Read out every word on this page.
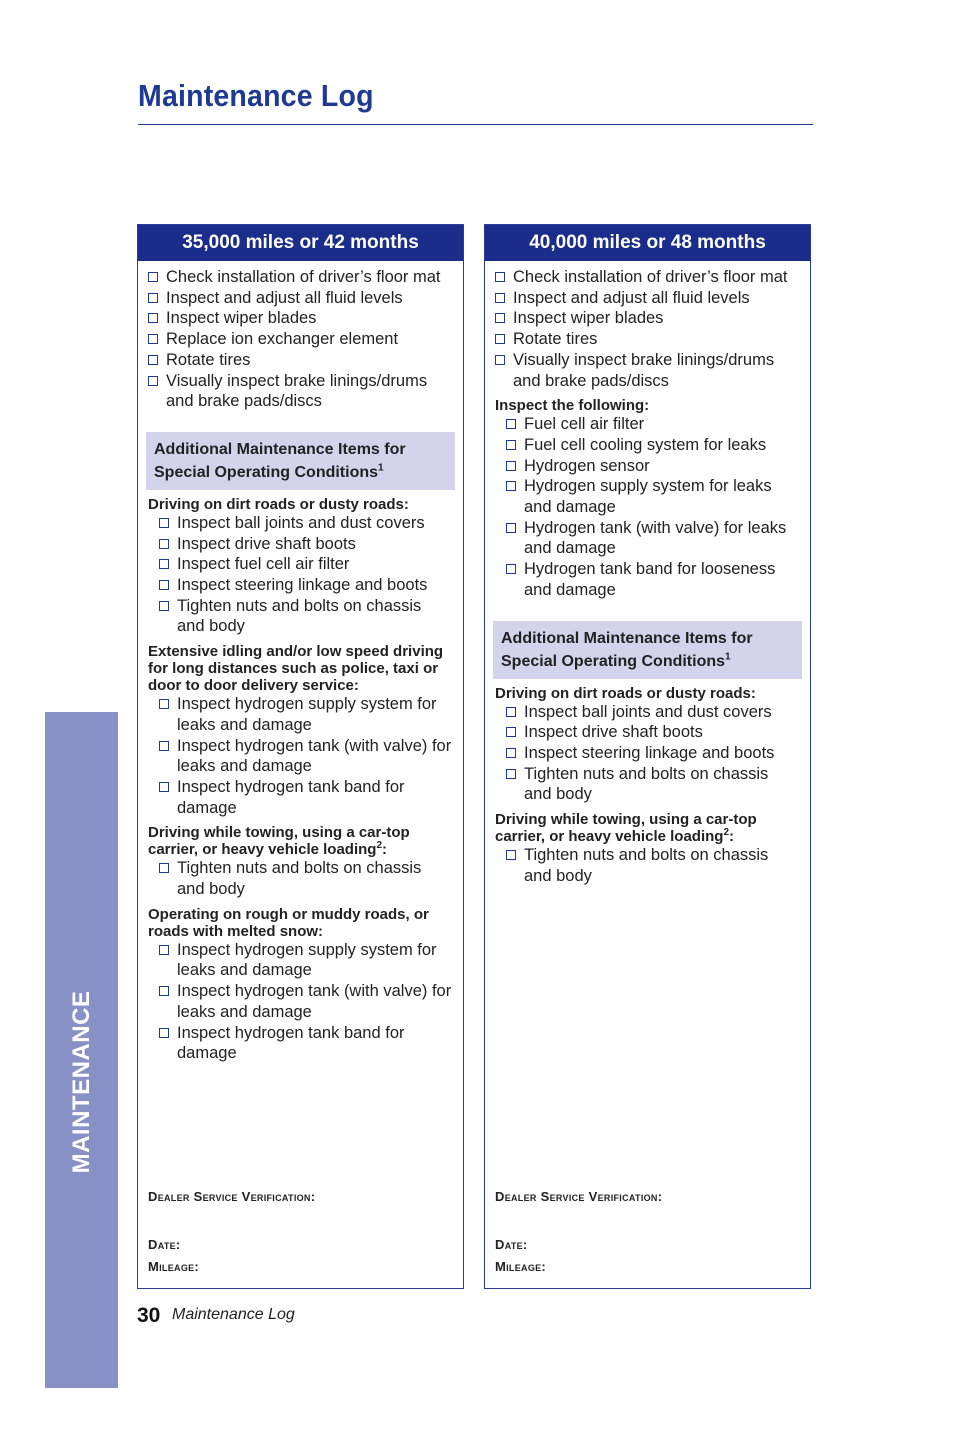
Maintenance Log
MAINTENANCE
35,000 miles or 42 months
Check installation of driver’s floor mat
Inspect and adjust all fluid levels
Inspect wiper blades
Replace ion exchanger element
Rotate tires
Visually inspect brake linings/drums and brake pads/discs
Additional Maintenance Items for Special Operating Conditions$^1$
Driving on dirt roads or dusty roads:
Inspect ball joints and dust covers
Inspect drive shaft boots
Inspect fuel cell air filter
Inspect steering linkage and boots
Tighten nuts and bolts on chassis and body
Extensive idling and/or low speed driving for long distances such as police, taxi or door to door delivery service:
Inspect hydrogen supply system for leaks and damage
Inspect hydrogen tank (with valve) for leaks and damage
Inspect hydrogen tank band for damage
Driving while towing, using a car-top carrier, or heavy vehicle loading$^2$:
Tighten nuts and bolts on chassis and body
Operating on rough or muddy roads, or roads with melted snow:
Inspect hydrogen supply system for leaks and damage
Inspect hydrogen tank (with valve) for leaks and damage
Inspect hydrogen tank band for damage
Dealer Service Verification:
Date:
Mileage:
40,000 miles or 48 months
Check installation of driver’s floor mat
Inspect and adjust all fluid levels
Inspect wiper blades
Rotate tires
Visually inspect brake linings/drums and brake pads/discs
Inspect the following:
Fuel cell air filter
Fuel cell cooling system for leaks
Hydrogen sensor
Hydrogen supply system for leaks and damage
Hydrogen tank (with valve) for leaks and damage
Hydrogen tank band for looseness and damage
Additional Maintenance Items for Special Operating Conditions$^1$
Driving on dirt roads or dusty roads:
Inspect ball joints and dust covers
Inspect drive shaft boots
Inspect steering linkage and boots
Tighten nuts and bolts on chassis and body
Driving while towing, using a car-top carrier, or heavy vehicle loading$^2$:
Tighten nuts and bolts on chassis and body
Dealer Service Verification:
Date:
Mileage:
30 Maintenance Log
